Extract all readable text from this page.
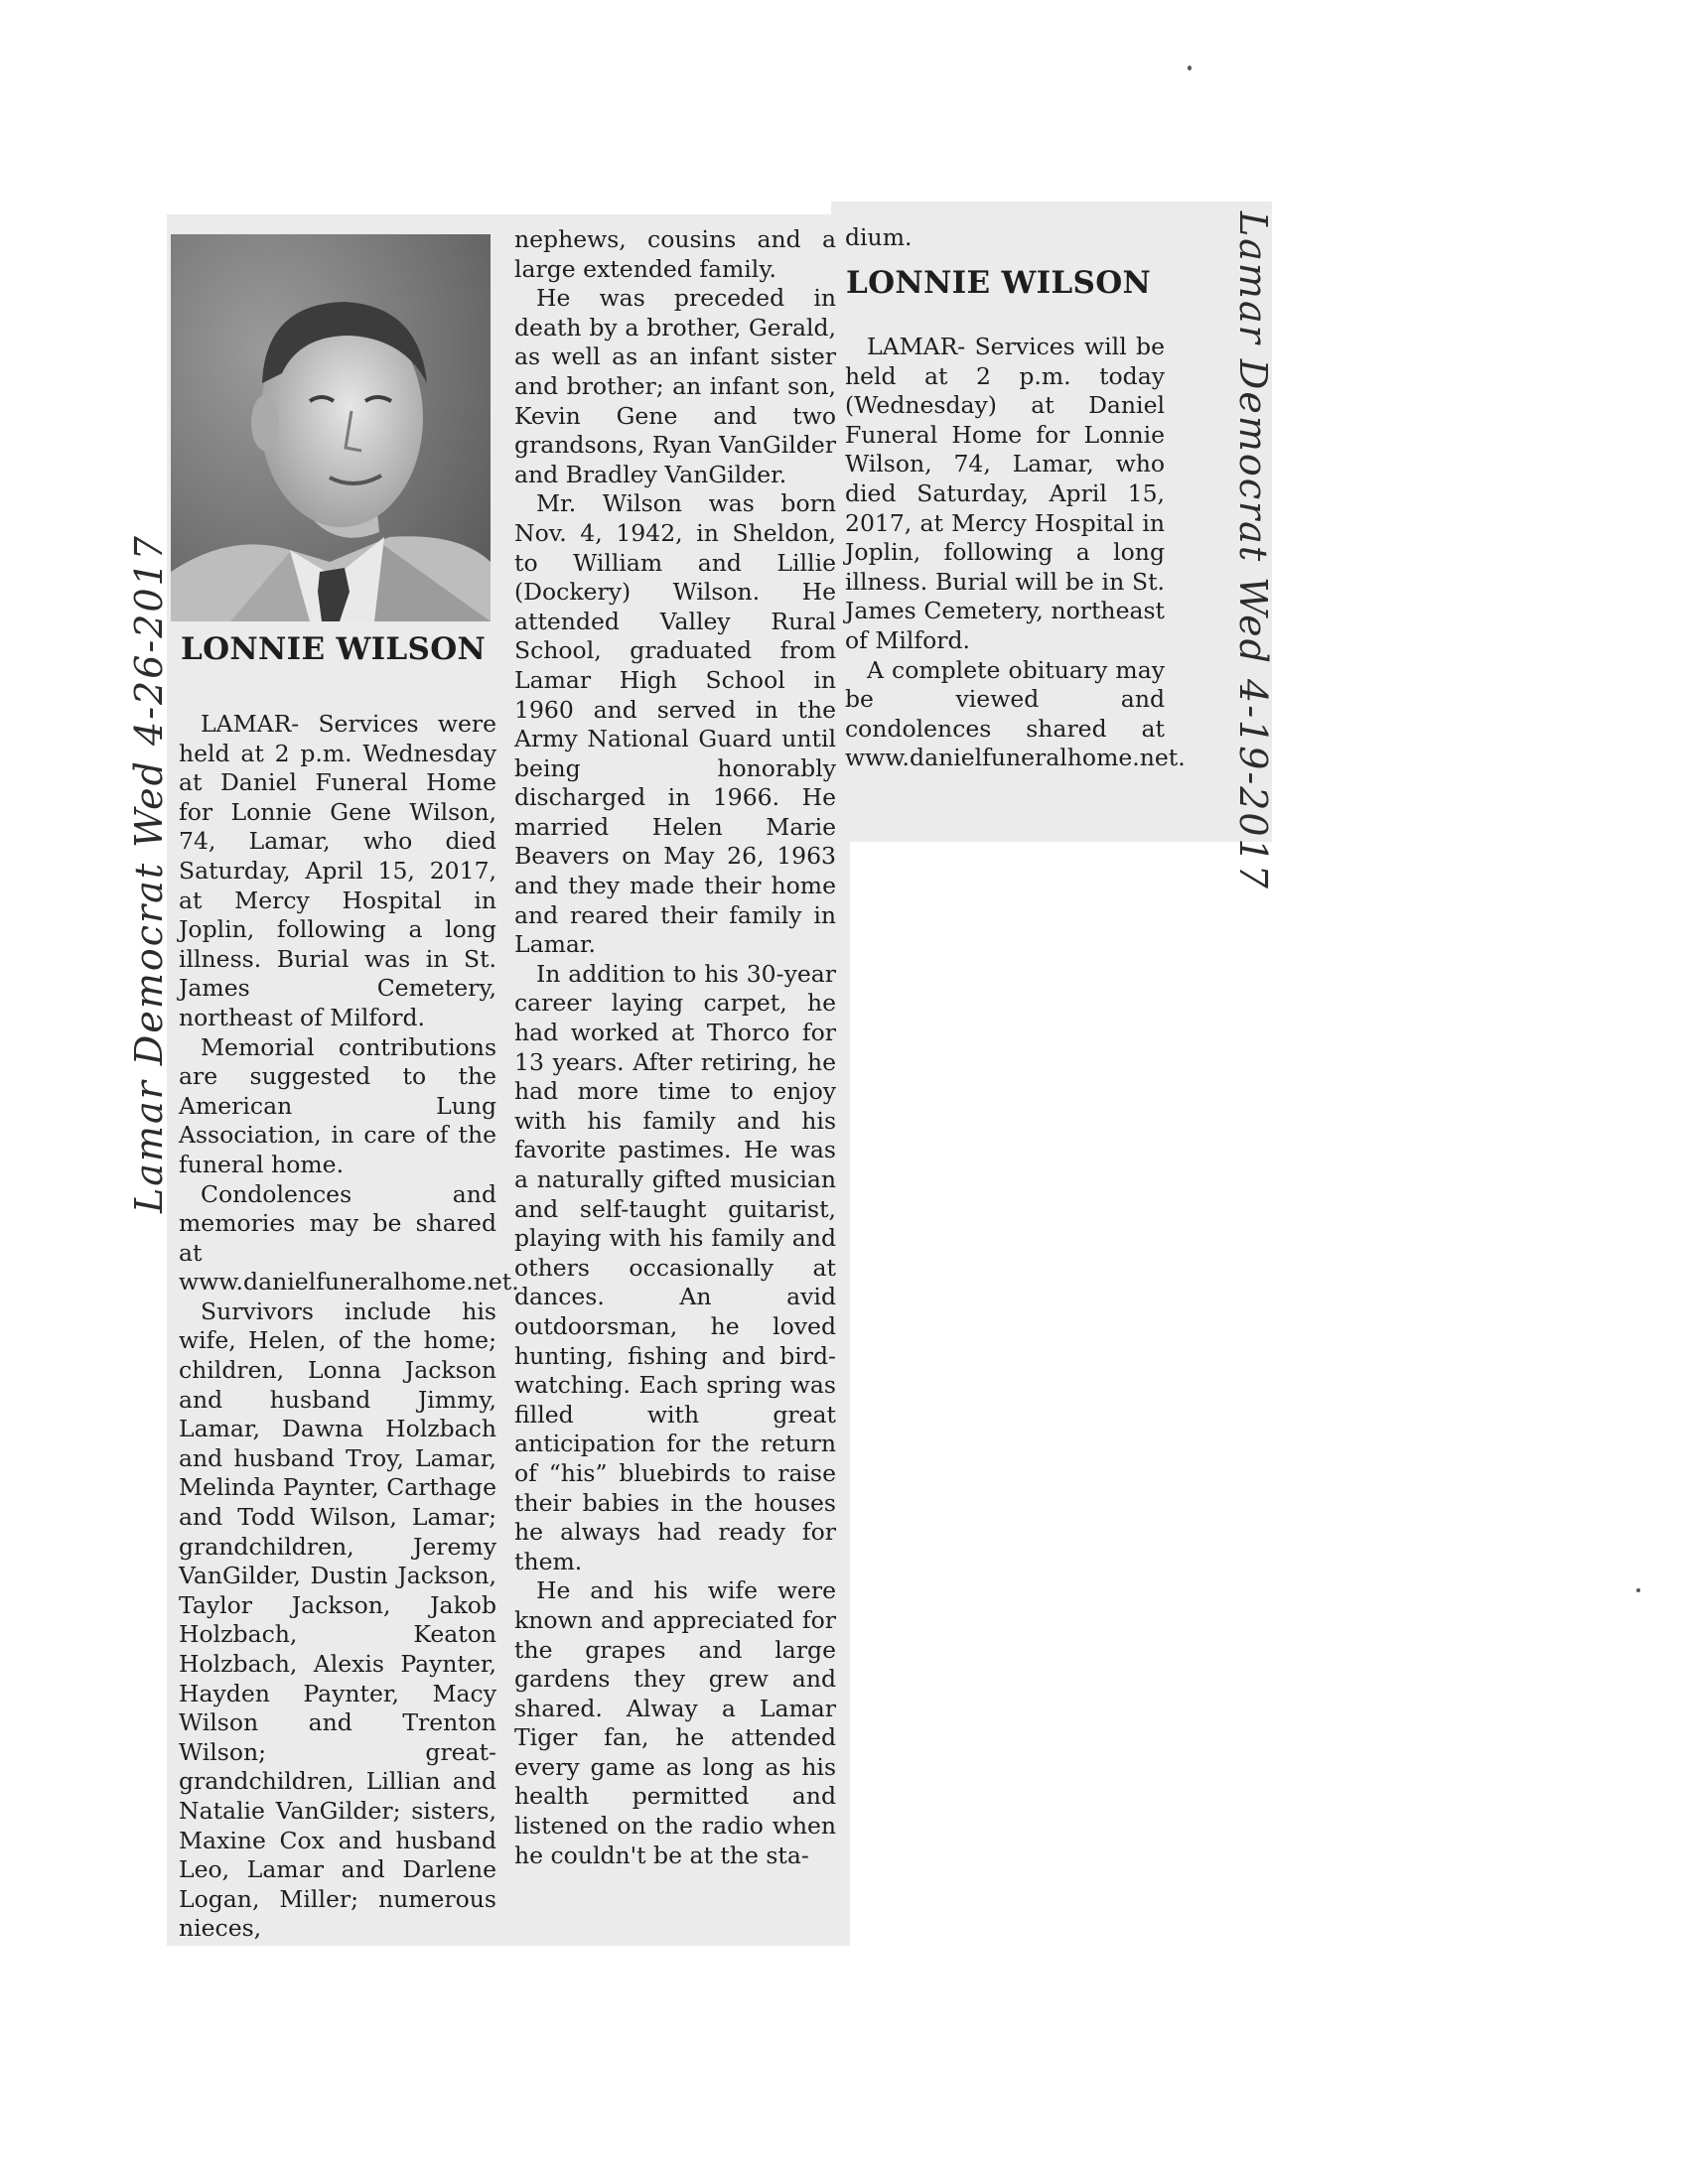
LONNIE WILSON

LAMAR- Services were held at 2 p.m. Wednesday at Daniel Funeral Home for Lonnie Gene Wilson, 74, Lamar, who died Saturday, April 15, 2017, at Mercy Hospital in Joplin, following a long illness. Burial was in St. James Cemetery, northeast of Milford.

Memorial contributions are suggested to the American Lung Association, in care of the funeral home.

Condolences and memories may be shared at www.danielfuneralhome.net.

Survivors include his wife, Helen, of the home; children, Lonna Jackson and husband Jimmy, Lamar, Dawna Holzbach and husband Troy, Lamar, Melinda Paynter, Carthage and Todd Wilson, Lamar; grandchildren, Jeremy VanGilder, Dustin Jackson, Taylor Jackson, Jakob Holzbach, Keaton Holzbach, Alexis Paynter, Hayden Paynter, Macy Wilson and Trenton Wilson; great-grandchildren, Lillian and Natalie VanGilder; sisters, Maxine Cox and husband Leo, Lamar and Darlene Logan, Miller; numerous nieces,

nephews, cousins and a large extended family.

He was preceded in death by a brother, Gerald, as well as an infant sister and brother; an infant son, Kevin Gene and two grandsons, Ryan VanGilder and Bradley VanGilder.

Mr. Wilson was born Nov. 4, 1942, in Sheldon, to William and Lillie (Dockery) Wilson. He attended Valley Rural School, graduated from Lamar High School in 1960 and served in the Army National Guard until being honorably discharged in 1966. He married Helen Marie Beavers on May 26, 1963 and they made their home and reared their family in Lamar.

In addition to his 30-year career laying carpet, he had worked at Thorco for 13 years. After retiring, he had more time to enjoy with his family and his favorite pastimes. He was a naturally gifted musician and self-taught guitarist, playing with his family and others occasionally at dances. An avid outdoorsman, he loved hunting, fishing and bird-watching. Each spring was filled with great anticipation for the return of “his” bluebirds to raise their babies in the houses he always had ready for them.

He and his wife were known and appreciated for the grapes and large gardens they grew and shared. Alway a Lamar Tiger fan, he attended every game as long as his health permitted and listened on the radio when he couldn't be at the sta-

dium.

LONNIE WILSON

LAMAR- Services will be held at 2 p.m. today (Wednesday) at Daniel Funeral Home for Lonnie Wilson, 74, Lamar, who died Saturday, April 15, 2017, at Mercy Hospital in Joplin, following a long illness. Burial will be in St. James Cemetery, northeast of Milford.

A complete obituary may be viewed and condolences shared at www.danielfuneralhome.net.

Lamar Democrat Wed 4-26-2017	Lamar Democrat Wed 4-19-2017
